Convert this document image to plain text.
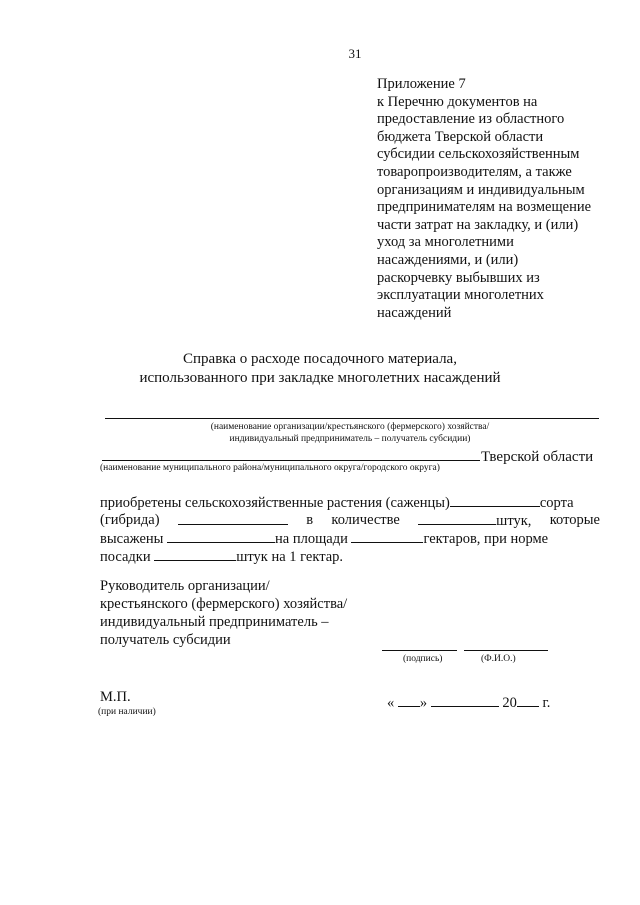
31
Приложение 7
к Перечню документов на
предоставление из областного
бюджета Тверской области
субсидии сельскохозяйственным
товаропроизводителям, а также
организациям и индивидуальным
предпринимателям на возмещение
части затрат на закладку, и (или)
уход за многолетними
насаждениями, и (или)
раскорчевку выбывших из
эксплуатации многолетних
насаждений
Справка о расходе посадочного материала,
использованного при закладке многолетних насаждений
(наименование организации/крестьянского (фермерского) хозяйства/
индивидуальный предприниматель – получатель субсидии)
Тверской области
(наименование муниципального района/муниципального округа/городского округа)
приобретены сельскохозяйственные растения (саженцы)	сорта
(гибрида)	в количестве	штук, которые
высажены	на площади	гектаров, при норме
посадки	штук на 1 гектар.
Руководитель организации/
крестьянского (фермерского) хозяйства/
индивидуальный предприниматель –
получатель субсидии
(подпись)	(Ф.И.О.)
М.П.
(при наличии)
« »	20 г.
